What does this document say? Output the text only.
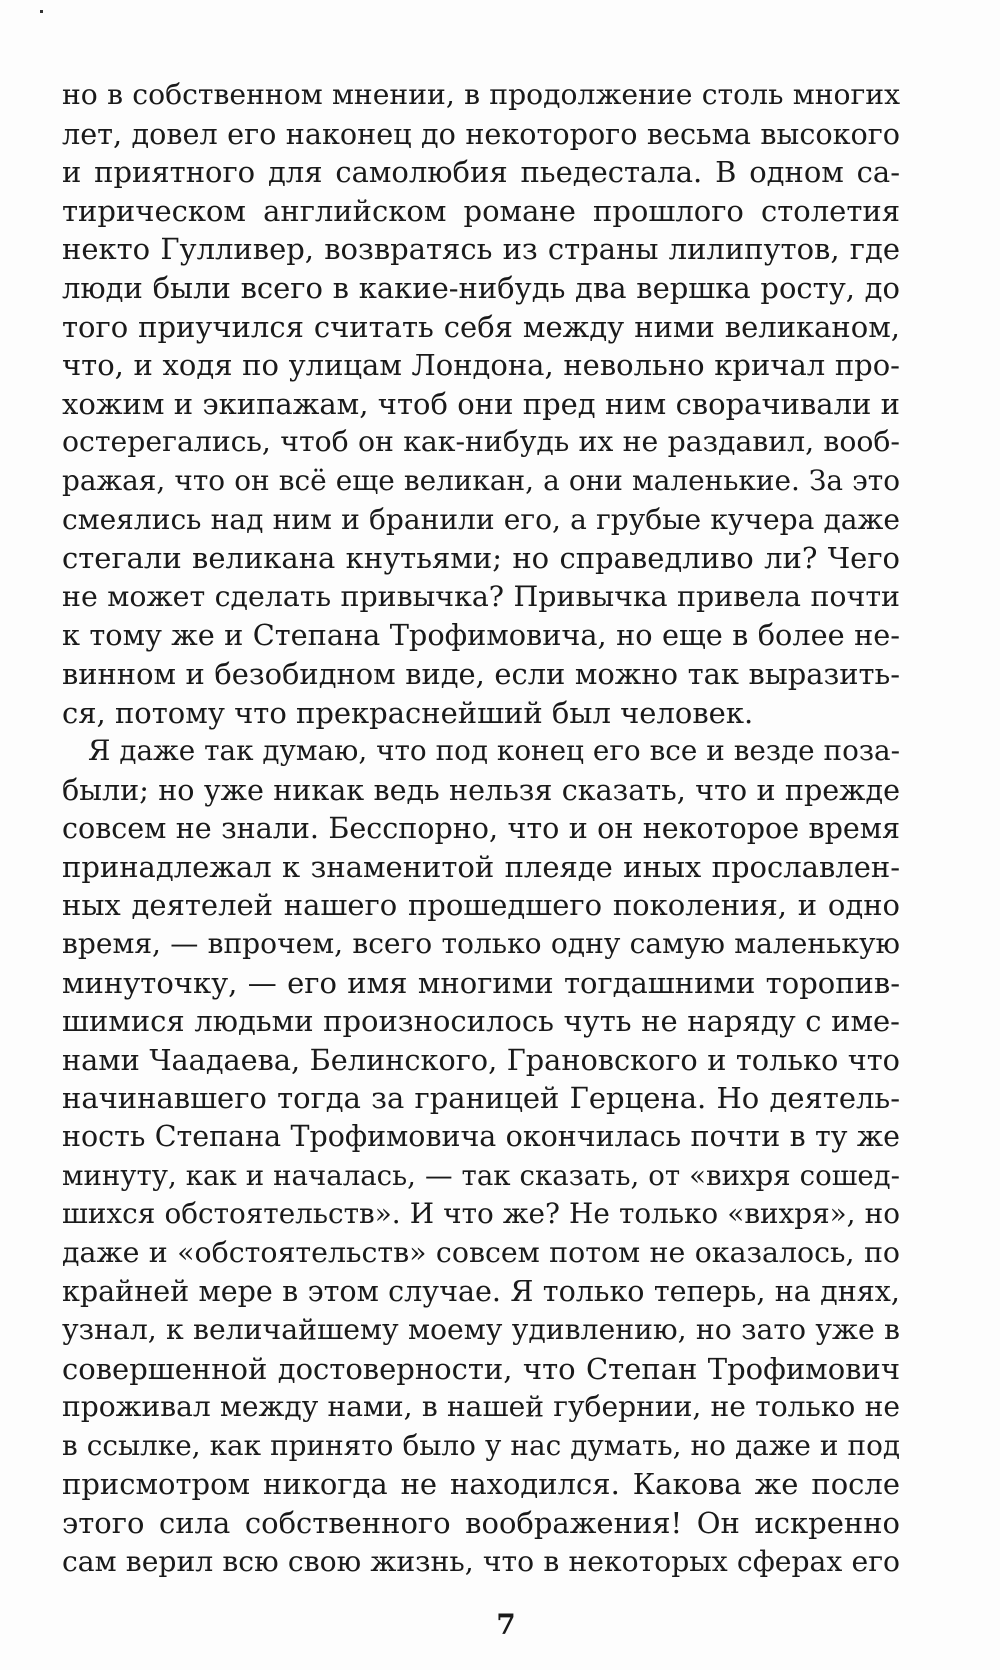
но в собственном мнении, в продолжение столь многих
лет, довел его наконец до некоторого весьма высокого
и приятного для самолюбия пьедестала. В одном са-
тирическом английском романе прошлого столетия
некто Гулливер, возвратясь из страны лилипутов, где
люди были всего в какие-нибудь два вершка росту, до
того приучился считать себя между ними великаном,
что, и ходя по улицам Лондона, невольно кричал про-
хожим и экипажам, чтоб они пред ним сворачивали и
остерегались, чтоб он как-нибудь их не раздавил, вооб-
ражая, что он всё еще великан, а они маленькие. За это
смеялись над ним и бранили его, а грубые кучера даже
стегали великана кнутьями; но справедливо ли? Чего
не может сделать привычка? Привычка привела почти
к тому же и Степана Трофимовича, но еще в более не-
винном и безобидном виде, если можно так выразить-
ся, потому что прекраснейший был человек.
Я даже так думаю, что под конец его все и везде поза-
были; но уже никак ведь нельзя сказать, что и прежде
совсем не знали. Бесспорно, что и он некоторое время
принадлежал к знаменитой плеяде иных прославлен-
ных деятелей нашего прошедшего поколения, и одно
время, — впрочем, всего только одну самую маленькую
минуточку, — его имя многими тогдашними торопив-
шимися людьми произносилось чуть не наряду с име-
нами Чаадаева, Белинского, Грановского и только что
начинавшего тогда за границей Герцена. Но деятель-
ность Степана Трофимовича окончилась почти в ту же
минуту, как и началась, — так сказать, от «вихря сошед-
шихся обстоятельств». И что же? Не только «вихря», но
даже и «обстоятельств» совсем потом не оказалось, по
крайней мере в этом случае. Я только теперь, на днях,
узнал, к величайшему моему удивлению, но зато уже в
совершенной достоверности, что Степан Трофимович
проживал между нами, в нашей губернии, не только не
в ссылке, как принято было у нас думать, но даже и под
присмотром никогда не находился. Какова же после
этого сила собственного воображения! Он искренно
сам верил всю свою жизнь, что в некоторых сферах его
7
